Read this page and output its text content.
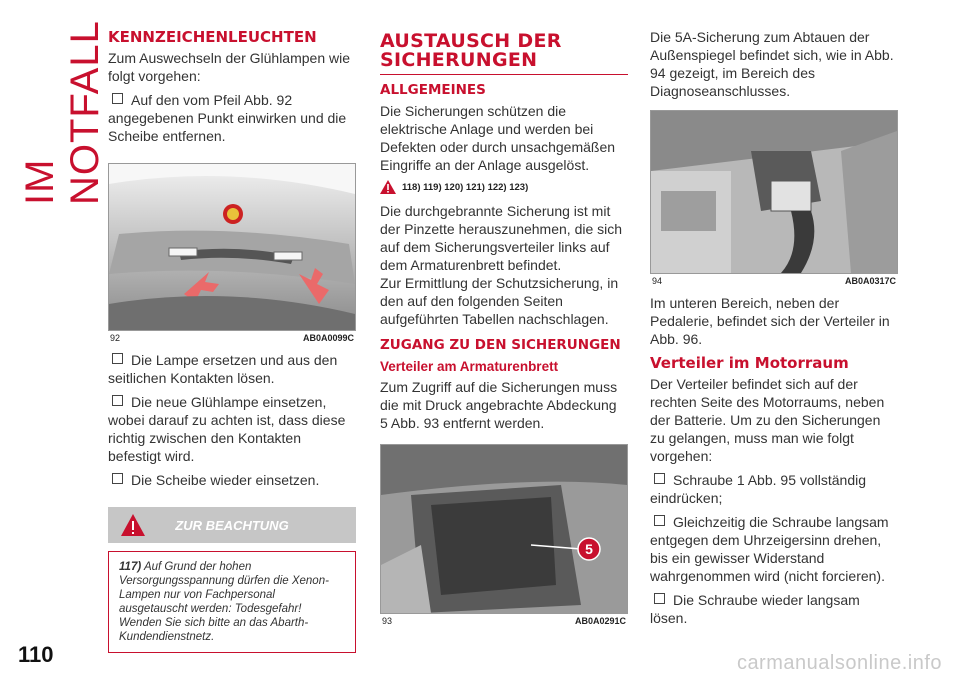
IM NOTFALL
110	carmanualsonline.info
KENNZEICHENLEUCHTEN

Zum Auswechseln der Glühlampen wie folgt vorgehen:

Auf den vom Pfeil Abb. 92 angegebenen Punkt einwirken und die Scheibe entfernen.

92	AB0A0099C

Die Lampe ersetzen und aus den seitlichen Kontakten lösen.

Die neue Glühlampe einsetzen, wobei darauf zu achten ist, dass diese richtig zwischen den Kontakten befestigt wird.

Die Scheibe wieder einsetzen.

ZUR BEACHTUNG
117) Auf Grund der hohen Versorgungsspannung dürfen die Xenon-Lampen nur von Fachpersonal ausgetauscht werden: Todesgefahr! Wenden Sie sich bitte an das Abarth-Kundendienstnetz.
AUSTAUSCH DER SICHERUNGEN
ALLGEMEINES

Die Sicherungen schützen die elektrische Anlage und werden bei Defekten oder durch unsachgemäßen Eingriffe an der Anlage ausgelöst.

118) 119) 120) 121) 122) 123)

Die durchgebrannte Sicherung ist mit der Pinzette herauszunehmen, die sich auf dem Sicherungsverteiler links auf dem Armaturenbrett befindet.

Zur Ermittlung der Schutzsicherung, in den auf den folgenden Seiten aufgeführten Tabellen nachschlagen.

ZUGANG ZU DEN SICHERUNGEN
Verteiler am Armaturenbrett

Zum Zugriff auf die Sicherungen muss die mit Druck angebrachte Abdeckung 5 Abb. 93 entfernt werden.

5
93	AB0A0291C

Die 5A-Sicherung zum Abtauen der Außenspiegel befindet sich, wie in Abb. 94 gezeigt, im Bereich des Diagnoseanschlusses.

94	AB0A0317C

Im unteren Bereich, neben der Pedalerie, befindet sich der Verteiler in Abb. 96.

Verteiler im Motorraum

Der Verteiler befindet sich auf der rechten Seite des Motorraums, neben der Batterie. Um zu den Sicherungen zu gelangen, muss man wie folgt vorgehen:

Schraube 1 Abb. 95 vollständig eindrücken;

Gleichzeitig die Schraube langsam entgegen dem Uhrzeigersinn drehen, bis ein gewisser Widerstand wahrgenommen wird (nicht forcieren).

Die Schraube wieder langsam lösen.
